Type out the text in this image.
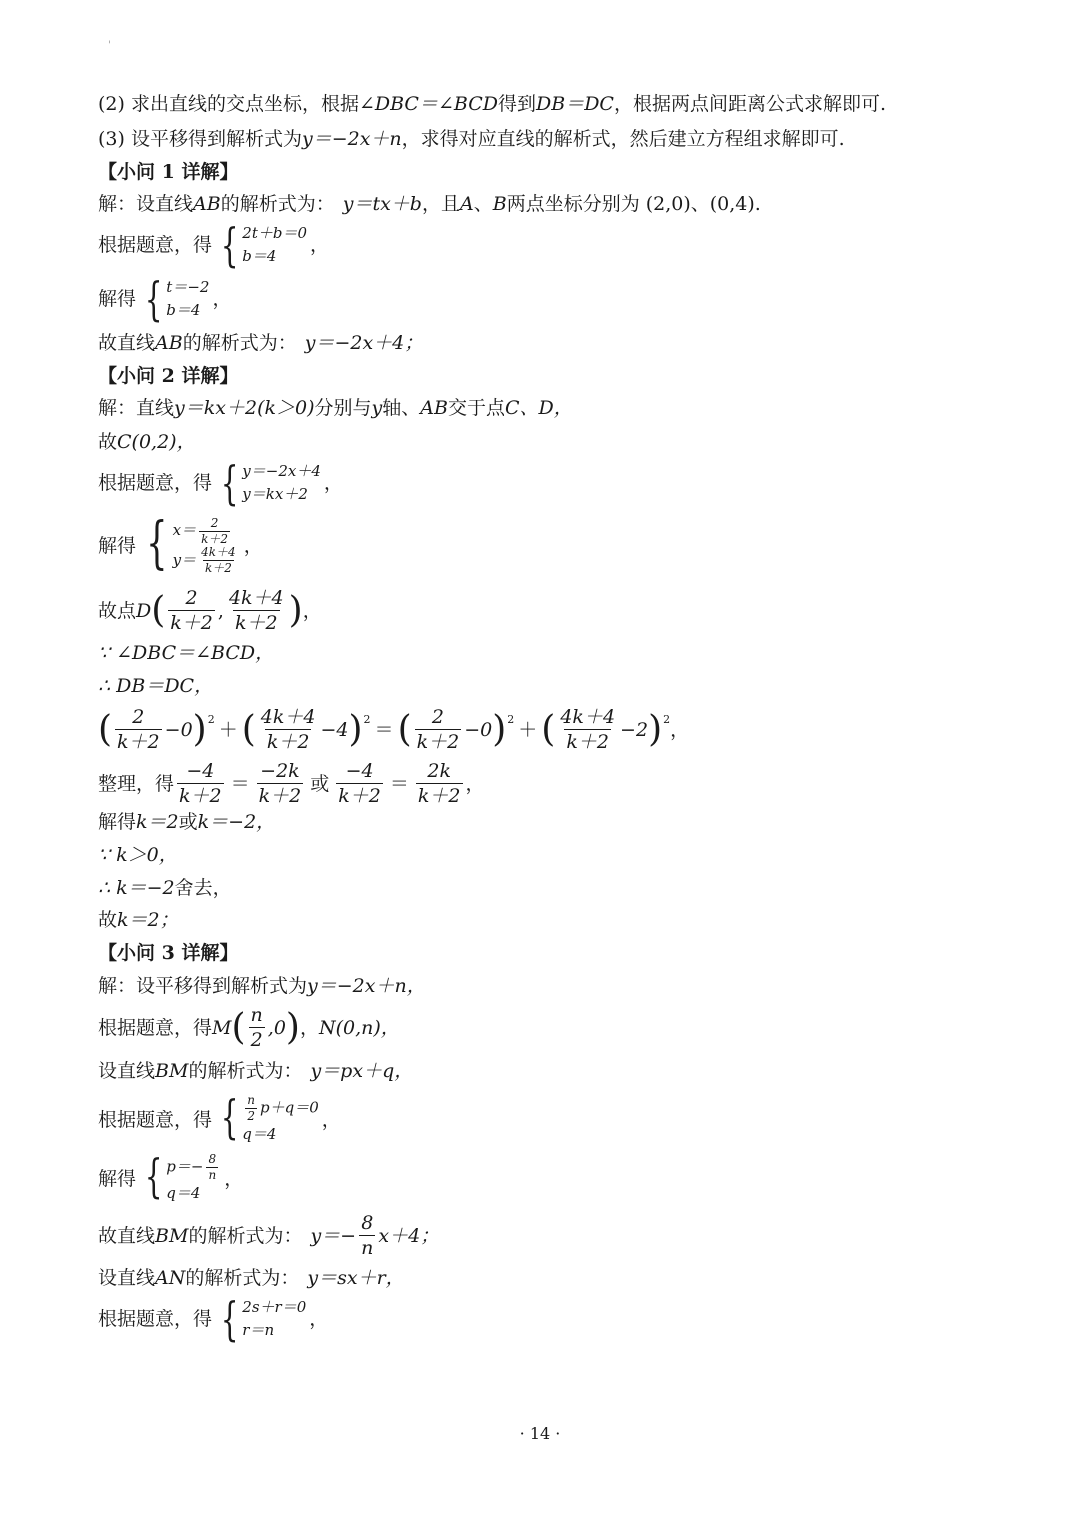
'
(2) 求出直线的交点坐标，根据 ∠DBC＝∠BCD 得到 DB＝DC ，根据两点间距离公式求解即可.
(3) 设平移得到解析式为 y＝−2x＋n ，求得对应直线的解析式，然后建立方程组求解即可.
【小问 1 详解】
解：设直线 AB 的解析式为： y＝tx＋b ，且 A 、 B 两点坐标分别为 (2,0)、(0,4).
根据题意，得 { 2t＋b＝0
b＝4	，
解得 { t＝−2
b＝4 ，
故直线 AB 的解析式为： y＝−2x＋4；
【小问 2 详解】
解：直线 y＝kx＋2(k＞0) 分别与 y 轴、 AB 交于点 C、D，
故 C(0,2)，
根据题意，得 { y＝−2x＋4
y＝kx＋2 ，
解得 { $x= \frac{2}{k+2}$
$y= \frac{4k+4}{k+2}$
，
故点 D ( $\frac{2}{k+2}$ , $\frac{4k+4}{k+2}$ ) ，
∵ ∠DBC＝∠BCD，
∴ DB＝DC，
( $\frac{2}{k+2} -0$ ) 2 ＋ ( $\frac{4k+4}{k+2} -4$ ) 2 ＝ ( $\frac{2}{k+2} -0$ ) 2 ＋ ( $\frac{4k+4}{k+2} -2$ ) 2 ，
整理，得 $\frac{-4}{k+2} = \frac{-2k}{k+2}$ 或 $\frac{-4}{k+2} = \frac{2k}{k+2}$ ，
解得 k＝2 或 k＝−2，
∵ k＞0，
∴ k＝−2 舍去，
故 k＝2；
【小问 3 详解】
解：设平移得到解析式为 y＝−2x＋n，
根据题意，得 M ( $\frac{n}{2} ,0$ ) ， N(0,n)，
设直线 BM 的解析式为： y＝px＋q，
根据题意，得 { $\frac{n}{2} p+q=0$
q＝4
，
解得 { $p=- \frac{8}{n}$
q＝4
，
故直线 BM 的解析式为： $y=- \frac{8}{n} x+4$；
设直线 AN 的解析式为： y＝sx＋r，
根据题意，得 { 2s＋r＝0
r＝n	，
· 14 ·
